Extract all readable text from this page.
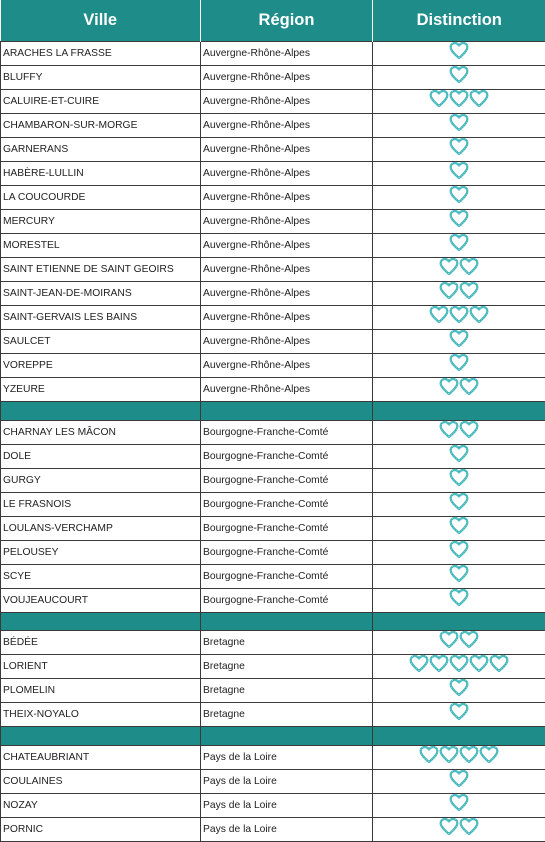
Ville	Région	Distinction
ARACHES LA FRASSE	Auvergne-Rhône-Alpes	

BLUFFY	Auvergne-Rhône-Alpes	

CALUIRE-ET-CUIRE	Auvergne-Rhône-Alpes	

CHAMBARON-SUR-MORGE	Auvergne-Rhône-Alpes	

GARNERANS	Auvergne-Rhône-Alpes	

HABÈRE-LULLIN	Auvergne-Rhône-Alpes	

LA COUCOURDE	Auvergne-Rhône-Alpes	

MERCURY	Auvergne-Rhône-Alpes	

MORESTEL	Auvergne-Rhône-Alpes	

SAINT ETIENNE DE SAINT GEOIRS	Auvergne-Rhône-Alpes	

SAINT-JEAN-DE-MOIRANS	Auvergne-Rhône-Alpes	

SAINT-GERVAIS LES BAINS	Auvergne-Rhône-Alpes	

SAULCET	Auvergne-Rhône-Alpes	

VOREPPE	Auvergne-Rhône-Alpes	

YZEURE	Auvergne-Rhône-Alpes	

CHARNAY LES MÂCON	Bourgogne-Franche-Comté	

DOLE	Bourgogne-Franche-Comté	

GURGY	Bourgogne-Franche-Comté	

LE FRASNOIS	Bourgogne-Franche-Comté	

LOULANS-VERCHAMP	Bourgogne-Franche-Comté	

PELOUSEY	Bourgogne-Franche-Comté	

SCYE	Bourgogne-Franche-Comté	

VOUJEAUCOURT	Bourgogne-Franche-Comté	

BÉDÉE	Bretagne	

LORIENT	Bretagne	

PLOMELIN	Bretagne	

THEIX-NOYALO	Bretagne	

CHATEAUBRIANT	Pays de la Loire	

COULAINES	Pays de la Loire	

NOZAY	Pays de la Loire	

PORNIC	Pays de la Loire	
